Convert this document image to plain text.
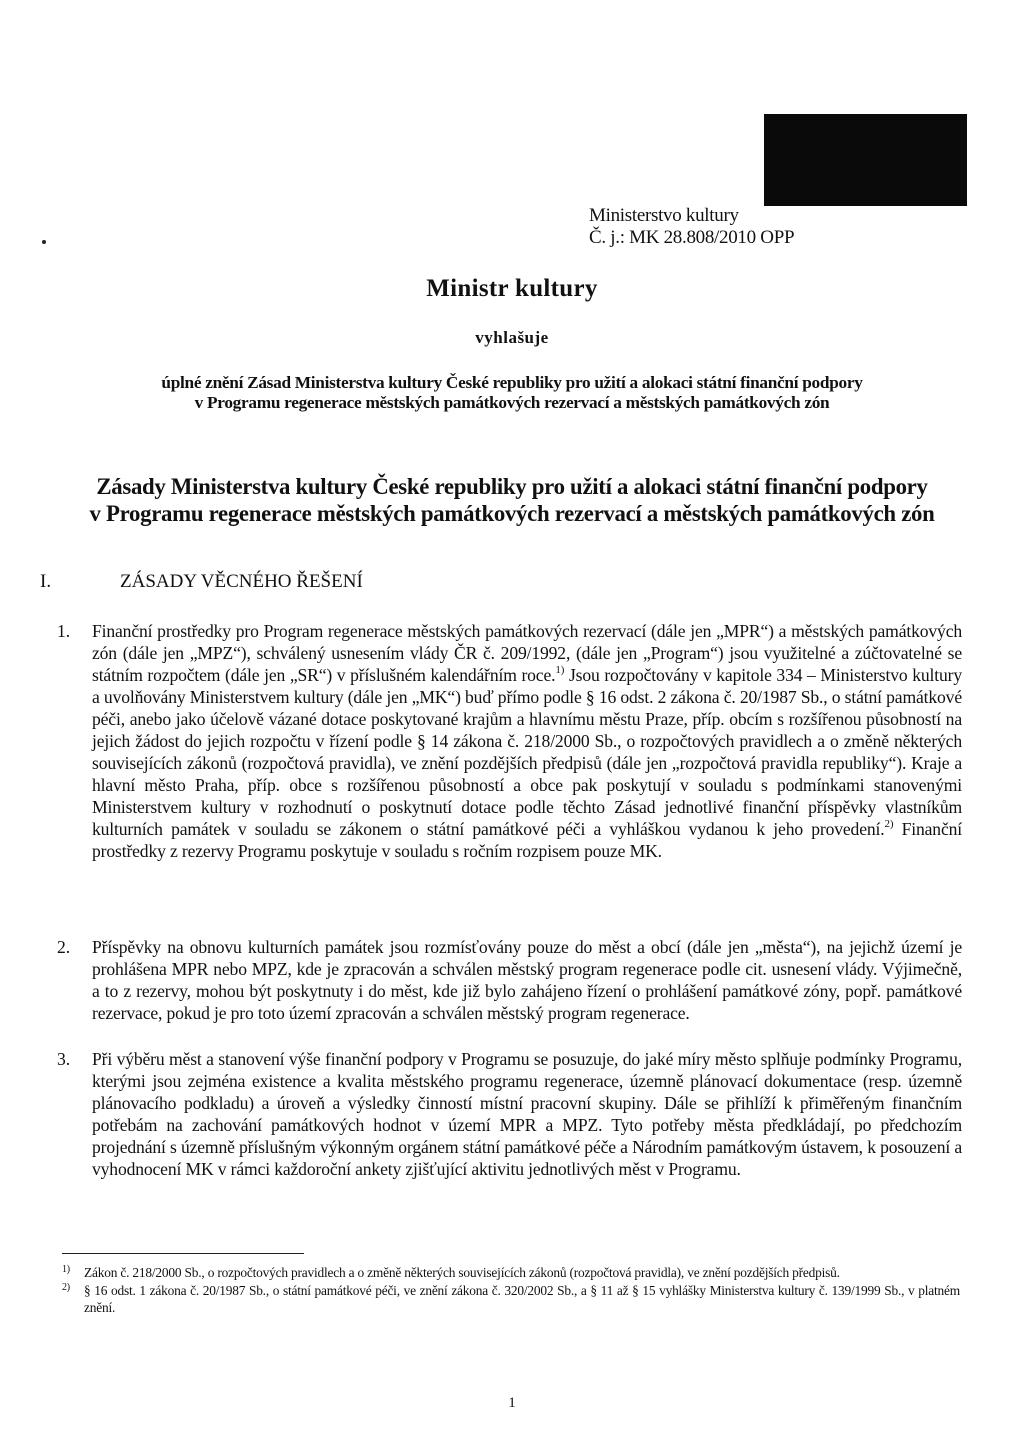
Ministerstvo kultury
Č. j.: MK 28.808/2010 OPP
Ministr kultury
vyhlašuje
úplné znění Zásad Ministerstva kultury České republiky pro užití a alokaci státní finanční podpory
v Programu regenerace městských památkových rezervací a městských památkových zón
Zásady Ministerstva kultury České republiky pro užití a alokaci státní finanční podpory
v Programu regenerace městských památkových rezervací a městských památkových zón
I.	ZÁSADY VĚCNÉHO ŘEŠENÍ
1. Finanční prostředky pro Program regenerace městských památkových rezervací (dále jen „MPR“) a městských památkových zón (dále jen „MPZ“), schválený usnesením vlády ČR č. 209/1992, (dále jen „Program“) jsou využitelné a zúčtovatelné se státním rozpočtem (dále jen „SR“) v příslušném kalendářním roce.$^{1)}$ Jsou rozpočtovány v kapitole 334 – Ministerstvo kultury a uvolňovány Ministerstvem kultury (dále jen „MK“) buď přímo podle § 16 odst. 2 zákona č. 20/1987 Sb., o státní památkové péči, anebo jako účelově vázané dotace poskytované krajům a hlavnímu městu Praze, příp. obcím s rozšířenou působností na jejich žádost do jejich rozpočtu v řízení podle § 14 zákona č. 218/2000 Sb., o rozpočtových pravidlech a o změně některých souvisejících zákonů (rozpočtová pravidla), ve znění pozdějších předpisů (dále jen „rozpočtová pravidla republiky“). Kraje a hlavní město Praha, příp. obce s rozšířenou působností a obce pak poskytují v souladu s podmínkami stanovenými Ministerstvem kultury v rozhodnutí o poskytnutí dotace podle těchto Zásad jednotlivé finanční příspěvky vlastníkům kulturních památek v souladu se zákonem o státní památkové péči a vyhláškou vydanou k jeho provedení.$^{2)}$ Finanční prostředky z rezervy Programu poskytuje v souladu s ročním rozpisem pouze MK.
2. Příspěvky na obnovu kulturních památek jsou rozmísťovány pouze do měst a obcí (dále jen „města“), na jejichž území je prohlášena MPR nebo MPZ, kde je zpracován a schválen městský program regenerace podle cit. usnesení vlády. Výjimečně, a to z rezervy, mohou být poskytnuty i do měst, kde již bylo zahájeno řízení o prohlášení památkové zóny, popř. památkové rezervace, pokud je pro toto území zpracován a schválen městský program regenerace.
3. Při výběru měst a stanovení výše finanční podpory v Programu se posuzuje, do jaké míry město splňuje podmínky Programu, kterými jsou zejména existence a kvalita městského programu regenerace, územně plánovací dokumentace (resp. územně plánovacího podkladu) a úroveň a výsledky činností místní pracovní skupiny. Dále se přihlíží k přiměřeným finančním potřebám na zachování památkových hodnot v území MPR a MPZ. Tyto potřeby města předkládají, po předchozím projednání s územně příslušným výkonným orgánem státní památkové péče a Národním památkovým ústavem, k posouzení a vyhodnocení MK v rámci každoroční ankety zjišťující aktivitu jednotlivých měst v Programu.
1) Zákon č. 218/2000 Sb., o rozpočtových pravidlech a o změně některých souvisejících zákonů (rozpočtová pravidla), ve znění pozdějších předpisů.
2) § 16 odst. 1 zákona č. 20/1987 Sb., o státní památkové péči, ve znění zákona č. 320/2002 Sb., a § 11 až § 15 vyhlášky Ministerstva kultury č. 139/1999 Sb., v platném znění.
1
